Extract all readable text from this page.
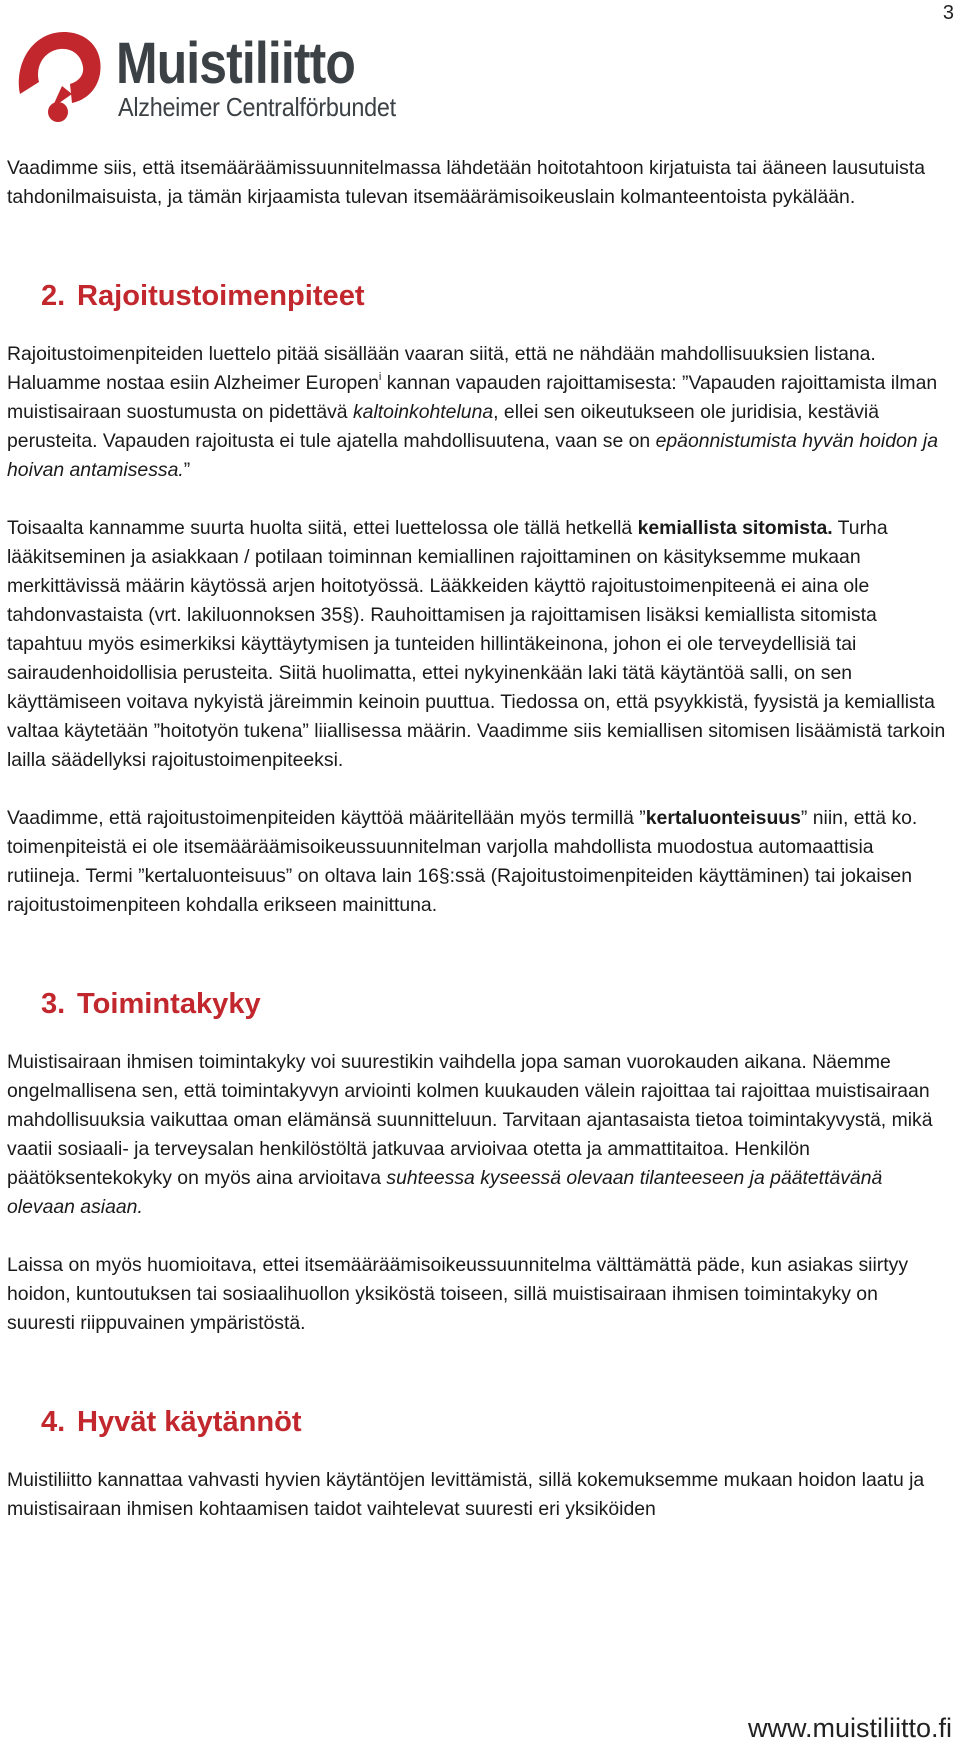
3
Muistiliitto
Alzheimer Centralförbundet

Vaadimme siis, että itsemääräämissuunnitelmassa lähdetään hoitotahtoon kirjatuista tai ääneen lausutuista tahdonilmaisuista, ja tämän kirjaamista tulevan itsemäärämisoikeuslain kolmanteentoista pykälään.

2. Rajoitustoimenpiteet

Rajoitustoimenpiteiden luettelo pitää sisällään vaaran siitä, että ne nähdään mahdollisuuksien listana. Haluamme nostaa esiin Alzheimer Europen$^i$ kannan vapauden rajoittamisesta: ”Vapauden rajoittamista ilman muistisairaan suostumusta on pidettävä kaltoinkohteluna, ellei sen oikeutukseen ole juridisia, kestäviä perusteita. Vapauden rajoitusta ei tule ajatella mahdollisuutena, vaan se on epäonnistumista hyvän hoidon ja hoivan antamisessa.”

Toisaalta kannamme suurta huolta siitä, ettei luettelossa ole tällä hetkellä kemiallista sitomista. Turha lääkitseminen ja asiakkaan / potilaan toiminnan kemiallinen rajoittaminen on käsityksemme mukaan merkittävissä määrin käytössä arjen hoitotyössä. Lääkkeiden käyttö rajoitustoimenpiteenä ei aina ole tahdonvastaista (vrt. lakiluonnoksen 35§). Rauhoittamisen ja rajoittamisen lisäksi kemiallista sitomista tapahtuu myös esimerkiksi käyttäytymisen ja tunteiden hillintäkeinona, johon ei ole terveydellisiä tai sairaudenhoidollisia perusteita. Siitä huolimatta, ettei nykyinenkään laki tätä käytäntöä salli, on sen käyttämiseen voitava nykyistä järeimmin keinoin puuttua. Tiedossa on, että psyykkistä, fyysistä ja kemiallista valtaa käytetään ”hoitotyön tukena” liiallisessa määrin. Vaadimme siis kemiallisen sitomisen lisäämistä tarkoin lailla säädellyksi rajoitustoimenpiteeksi.

Vaadimme, että rajoitustoimenpiteiden käyttöä määritellään myös termillä ”kertaluonteisuus” niin, että ko. toimenpiteistä ei ole itsemääräämisoikeussuunnitelman varjolla mahdollista muodostua automaattisia rutiineja. Termi ”kertaluonteisuus” on oltava lain 16§:ssä (Rajoitustoimenpiteiden käyttäminen) tai jokaisen rajoitustoimenpiteen kohdalla erikseen mainittuna.

3. Toimintakyky

Muistisairaan ihmisen toimintakyky voi suurestikin vaihdella jopa saman vuorokauden aikana. Näemme ongelmallisena sen, että toimintakyvyn arviointi kolmen kuukauden välein rajoittaa tai rajoittaa muistisairaan mahdollisuuksia vaikuttaa oman elämänsä suunnitteluun. Tarvitaan ajantasaista tietoa toimintakyvystä, mikä vaatii sosiaali- ja terveysalan henkilöstöltä jatkuvaa arvioivaa otetta ja ammattitaitoa. Henkilön päätöksentekokyky on myös aina arvioitava suhteessa kyseessä olevaan tilanteeseen ja päätettävänä olevaan asiaan.

Laissa on myös huomioitava, ettei itsemääräämisoikeussuunnitelma välttämättä päde, kun asiakas siirtyy hoidon, kuntoutuksen tai sosiaalihuollon yksiköstä toiseen, sillä muistisairaan ihmisen toimintakyky on suuresti riippuvainen ympäristöstä.

4. Hyvät käytännöt

Muistiliitto kannattaa vahvasti hyvien käytäntöjen levittämistä, sillä kokemuksemme mukaan hoidon laatu ja muistisairaan ihmisen kohtaamisen taidot vaihtelevat suuresti eri yksiköiden

www.muistiliitto.fi
